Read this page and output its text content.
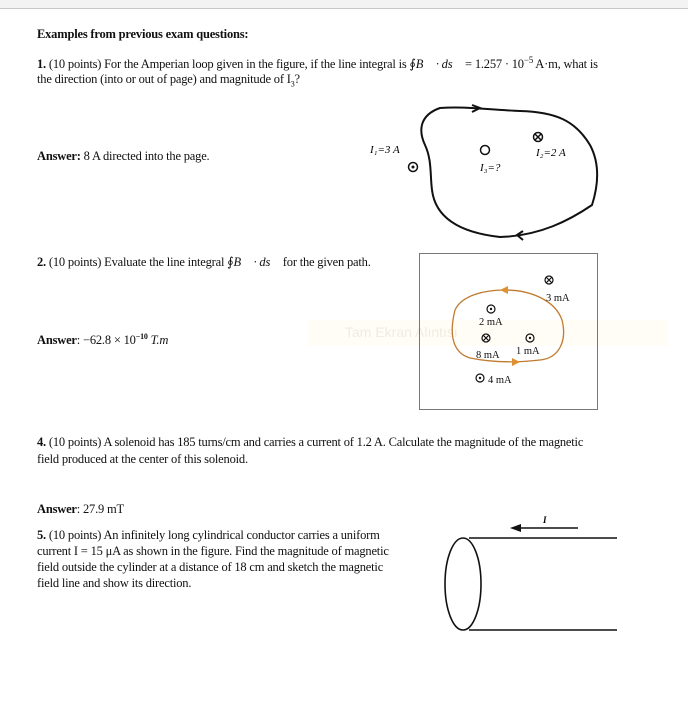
Tam Ekran Alıntısı
Examples from previous exam questions:
1. (10 points) For the Amperian loop given in the figure, if the line integral is ∮B⃗ · ds⃗ = $1.257 \cdot 10^{-5}$ A·m, what is
the direction (into or out of page) and magnitude of $I_3$?
Answer: 8 A directed into the page.	I₁=3 A
I₃=?
I₂=2 A
3 mA
2 mA
8 mA 1 mA
4 mA
I
2. (10 points) Evaluate the line integral ∮B⃗ · ds⃗ for the given path.
Answer: $-62.8 \times 10^{-10}$ T.m
4. (10 points) A solenoid has 185 turns/cm and carries a current of 1.2 A. Calculate the magnitude of the magnetic
field produced at the center of this solenoid.
Answer: 27.9 mT
5. (10 points) An infinitely long cylindrical conductor carries a uniform
current I = 15 μA as shown in the figure. Find the magnitude of magnetic
field outside the cylinder at a distance of 18 cm and sketch the magnetic
field line and show its direction.
